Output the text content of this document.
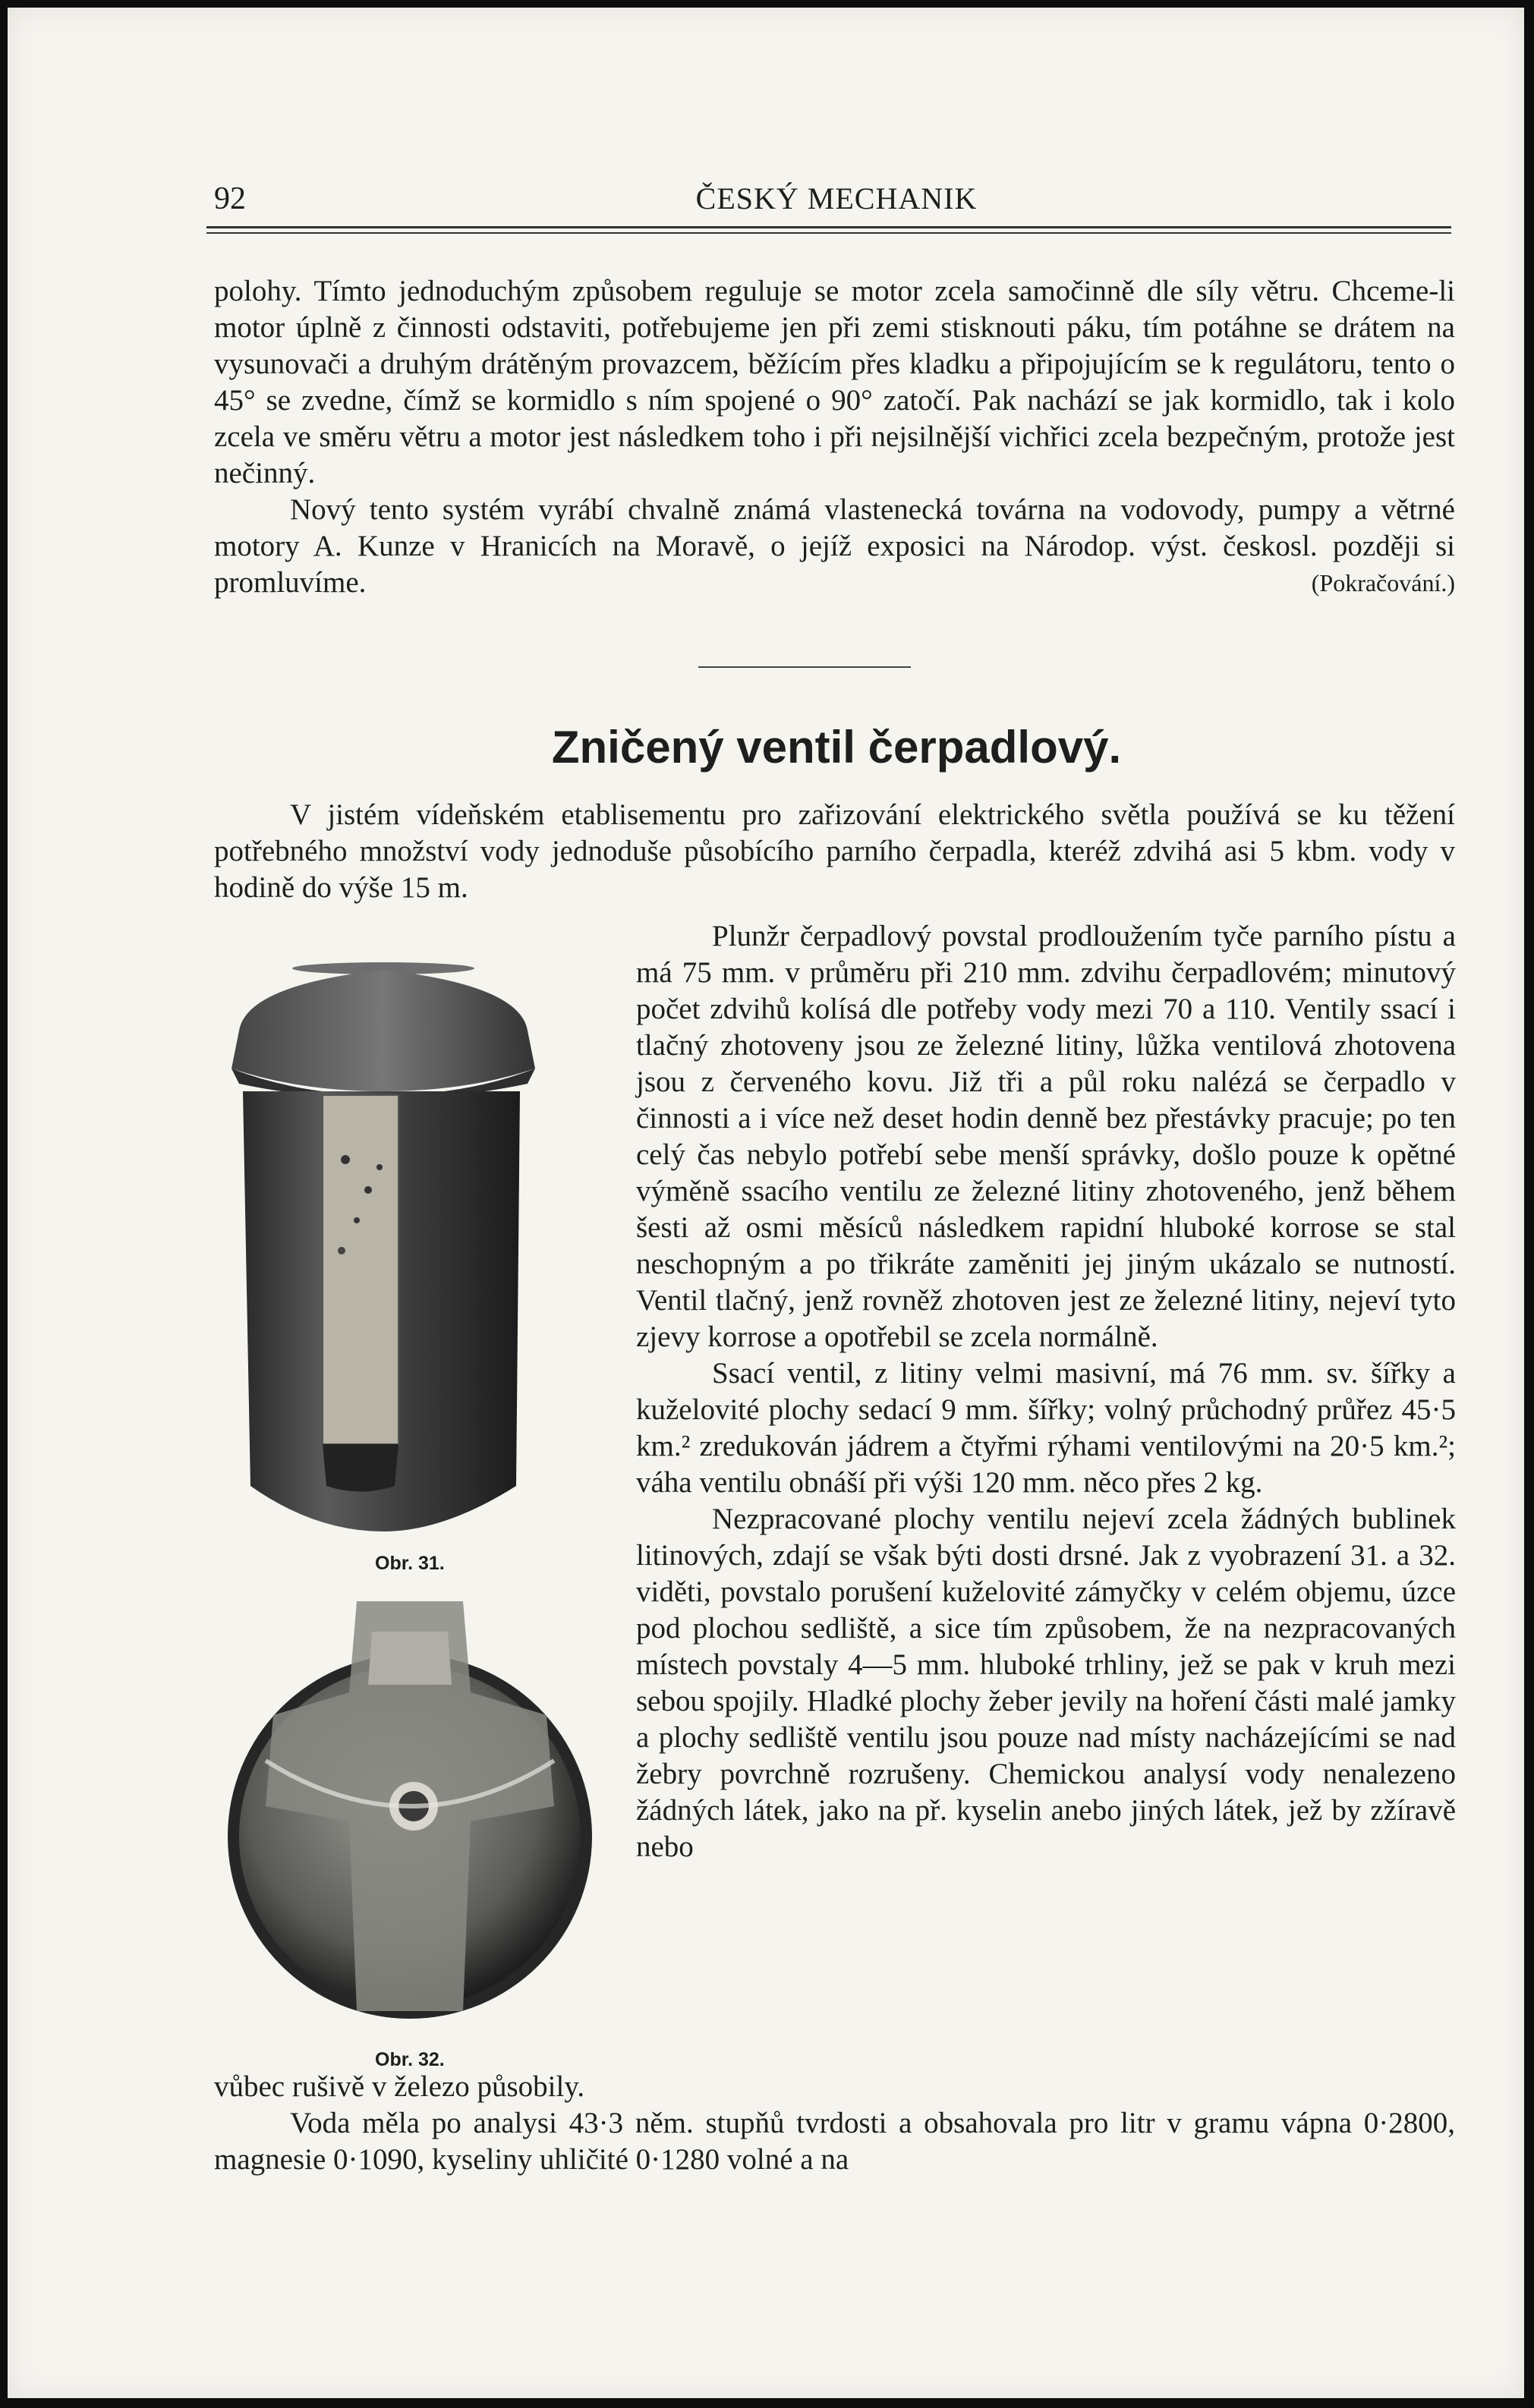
92	ČESKÝ MECHANIK

polohy. Tímto jednoduchým způsobem reguluje se motor zcela samočinně dle síly větru. Chceme-li motor úplně z činnosti odstaviti, potřebujeme jen při zemi stisknouti páku, tím potáhne se drátem na vysunovači a druhým drátěným provazcem, běžícím přes kladku a připojujícím se k regulátoru, tento o 45° se zvedne, čímž se kormidlo s ním spojené o 90° zatočí. Pak nachází se jak kormidlo, tak i kolo zcela ve směru větru a motor jest následkem toho i při nejsilnější vichřici zcela bezpečným, protože jest nečinný.

Nový tento systém vyrábí chvalně známá vlastenecká továrna na vodovody, pumpy a větrné motory A. Kunze v Hranicích na Moravě, o jejíž exposici na Národop. výst. českosl. později si promluvíme.	(Pokračování.)

Zničený ventil čerpadlový.

V jistém vídeňském etablisementu pro zařizování elektrického světla používá se ku těžení potřebného množství vody jednoduše působícího parního čerpadla, kteréž zdvihá asi 5 kbm. vody v hodině do výše 15 m.

Obr. 31.
Obr. 32.

Plunžr čerpadlový povstal prodloužením tyče parního pístu a má 75 mm. v průměru při 210 mm. zdvihu čerpadlovém; minutový počet zdvihů kolísá dle potřeby vody mezi 70 a 110. Ventily ssací i tlačný zhotoveny jsou ze železné litiny, lůžka ventilová zhotovena jsou z červeného kovu. Již tři a půl roku nalézá se čerpadlo v činnosti a i více než deset hodin denně bez přestávky pracuje; po ten celý čas nebylo potřebí sebe menší správky, došlo pouze k opětné výměně ssacího ventilu ze železné litiny zhotoveného, jenž během šesti až osmi měsíců následkem rapidní hluboké korrose se stal neschopným a po třikráte zaměniti jej jiným ukázalo se nutností. Ventil tlačný, jenž rovněž zhotoven jest ze železné litiny, nejeví tyto zjevy korrose a opotřebil se zcela normálně.

Ssací ventil, z litiny velmi masivní, má 76 mm. sv. šířky a kuželovité plochy sedací 9 mm. šířky; volný průchodný průřez 45·5 km.² zredukován jádrem a čtyřmi rýhami ventilovými na 20·5 km.²; váha ventilu obnáší při výši 120 mm. něco přes 2 kg.

Nezpracované plochy ventilu nejeví zcela žádných bublinek litinových, zdají se však býti dosti drsné. Jak z vyobrazení 31. a 32. viděti, povstalo porušení kuželovité zámyčky v celém objemu, úzce pod plochou sedliště, a sice tím způsobem, že na nezpracovaných místech povstaly 4—5 mm. hluboké trhliny, jež se pak v kruh mezi sebou spojily. Hladké plochy žeber jevily na hoření části malé jamky a plochy sedliště ventilu jsou pouze nad místy nacházejícími se nad žebry povrchně rozrušeny. Chemickou analysí vody nenalezeno žádných látek, jako na př. kyselin anebo jiných látek, jež by zžíravě nebo

vůbec rušivě v železo působily.

Voda měla po analysi 43·3 něm. stupňů tvrdosti a obsahovala pro litr v gramu vápna 0·2800, magnesie 0·1090, kyseliny uhličité 0·1280 volné a na
